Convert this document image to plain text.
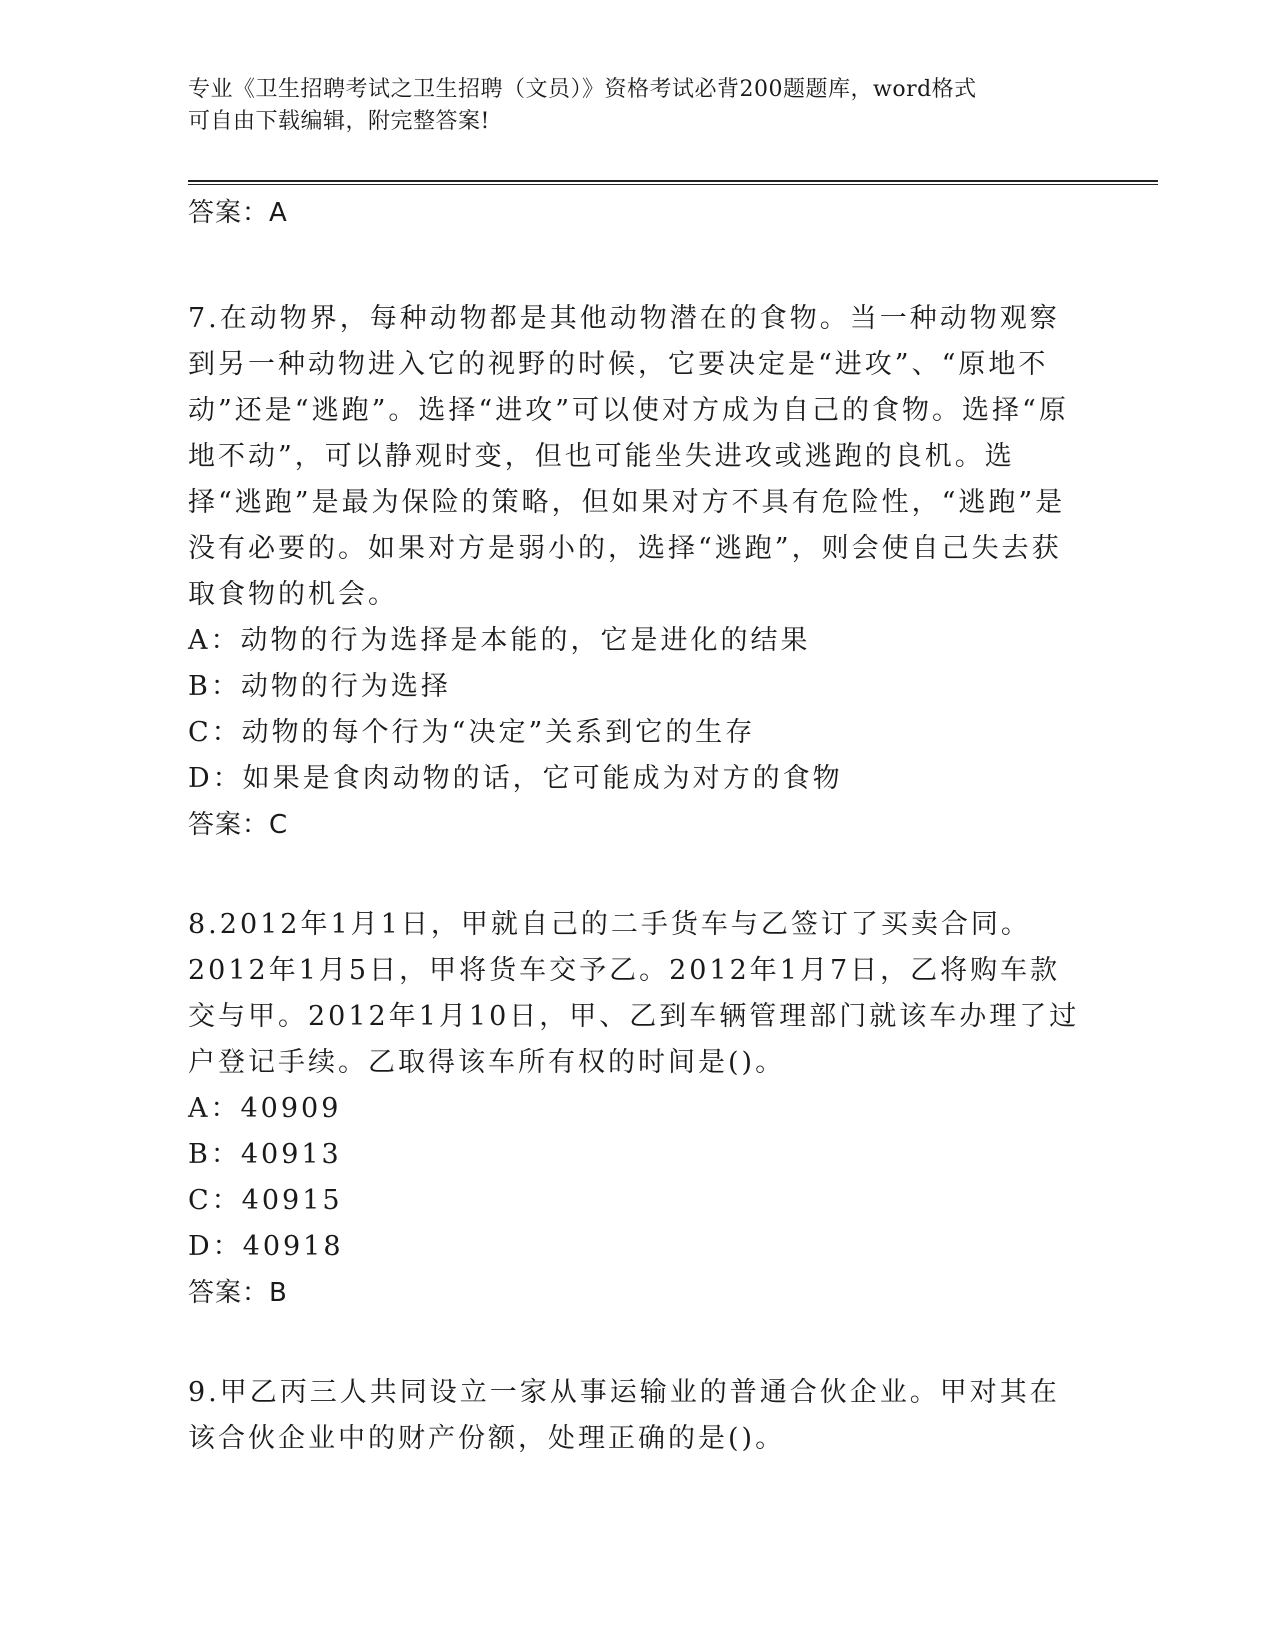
专业《卫生招聘考试之卫生招聘（文员）》资格考试必背200题题库，word格式
可自由下载编辑，附完整答案!

答案：A

7.在动物界，每种动物都是其他动物潜在的食物。当一种动物观察到另一种动物进入它的视野的时候，它要决定是“进攻”、“原地不动”还是“逃跑”。选择“进攻”可以使对方成为自己的食物。选择“原地不动”，可以静观时变，但也可能坐失进攻或逃跑的良机。选择“逃跑”是最为保险的策略，但如果对方不具有危险性，“逃跑”是没有必要的。如果对方是弱小的，选择“逃跑”，则会使自己失去获取食物的机会。

A：动物的行为选择是本能的，它是进化的结果

B：动物的行为选择

C：动物的每个行为“决定”关系到它的生存

D：如果是食肉动物的话，它可能成为对方的食物

答案：C

8.2012年1月1日，甲就自己的二手货车与乙签订了买卖合同。2012年1月5日，甲将货车交予乙。2012年1月7日，乙将购车款交与甲。2012年1月10日，甲、乙到车辆管理部门就该车办理了过户登记手续。乙取得该车所有权的时间是()。

A：40909

B：40913

C：40915

D：40918

答案：B

9.甲乙丙三人共同设立一家从事运输业的普通合伙企业。甲对其在该合伙企业中的财产份额，处理正确的是()。
